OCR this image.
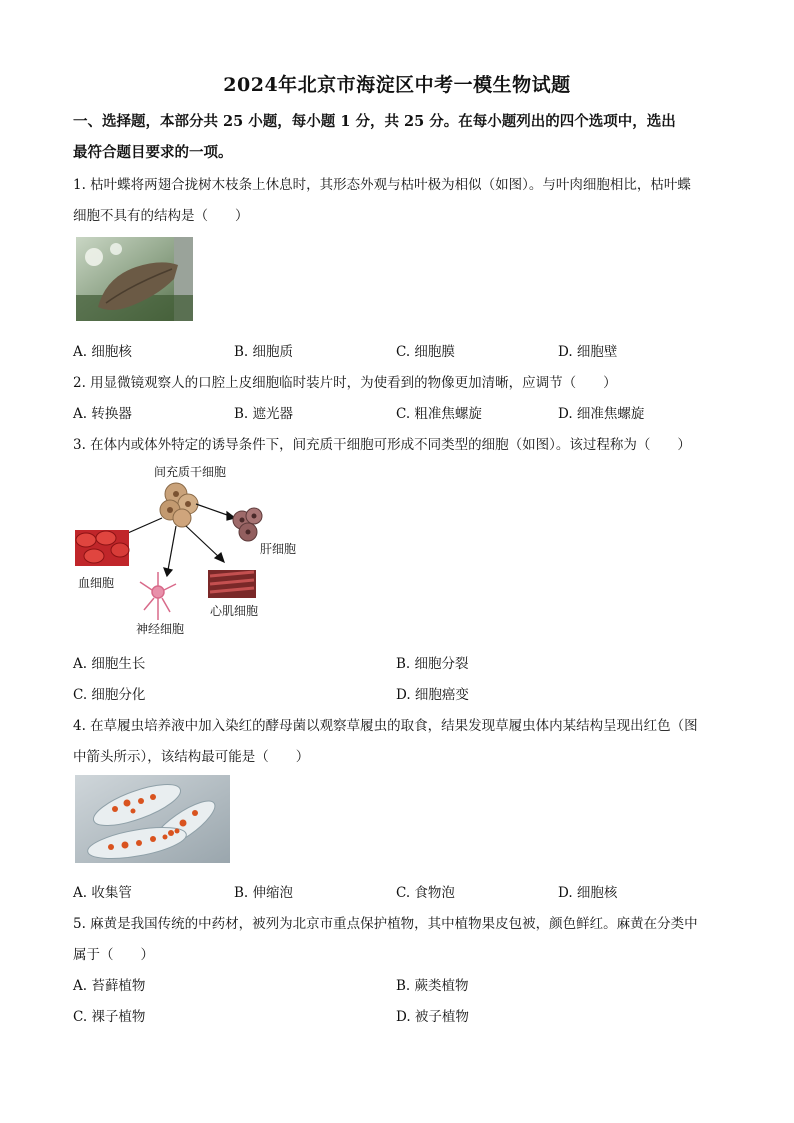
2024年北京市海淀区中考一模生物试题
一、选择题，本部分共 25 小题，每小题 1 分，共 25 分。在每小题列出的四个选项中，选出
最符合题目要求的一项。
1. 枯叶蝶将两翅合拢树木枝条上休息时，其形态外观与枯叶极为相似（如图）。与叶肉细胞相比，枯叶蝶
细胞不具有的结构是（　　）
A. 细胞核	B. 细胞质	C. 细胞膜	D. 细胞壁
2. 用显微镜观察人的口腔上皮细胞临时装片时，为使看到的物像更加清晰，应调节（　　）
A. 转换器	B. 遮光器	C. 粗准焦螺旋	D. 细准焦螺旋
3. 在体内或体外特定的诱导条件下，间充质干细胞可形成不同类型的细胞（如图）。该过程称为（　　）
间充质干细胞
肝细胞
血细胞
心肌细胞
神经细胞
A. 细胞生长	B. 细胞分裂
C. 细胞分化	D. 细胞癌变
4. 在草履虫培养液中加入染红的酵母菌以观察草履虫的取食，结果发现草履虫体内某结构呈现出红色（图
中箭头所示），该结构最可能是（　　）
A. 收集管	B. 伸缩泡	C. 食物泡	D. 细胞核
5. 麻黄是我国传统的中药材，被列为北京市重点保护植物，其中植物果皮包被，颜色鲜红。麻黄在分类中
属于（　　）
A. 苔藓植物	B. 蕨类植物
C. 裸子植物	D. 被子植物
